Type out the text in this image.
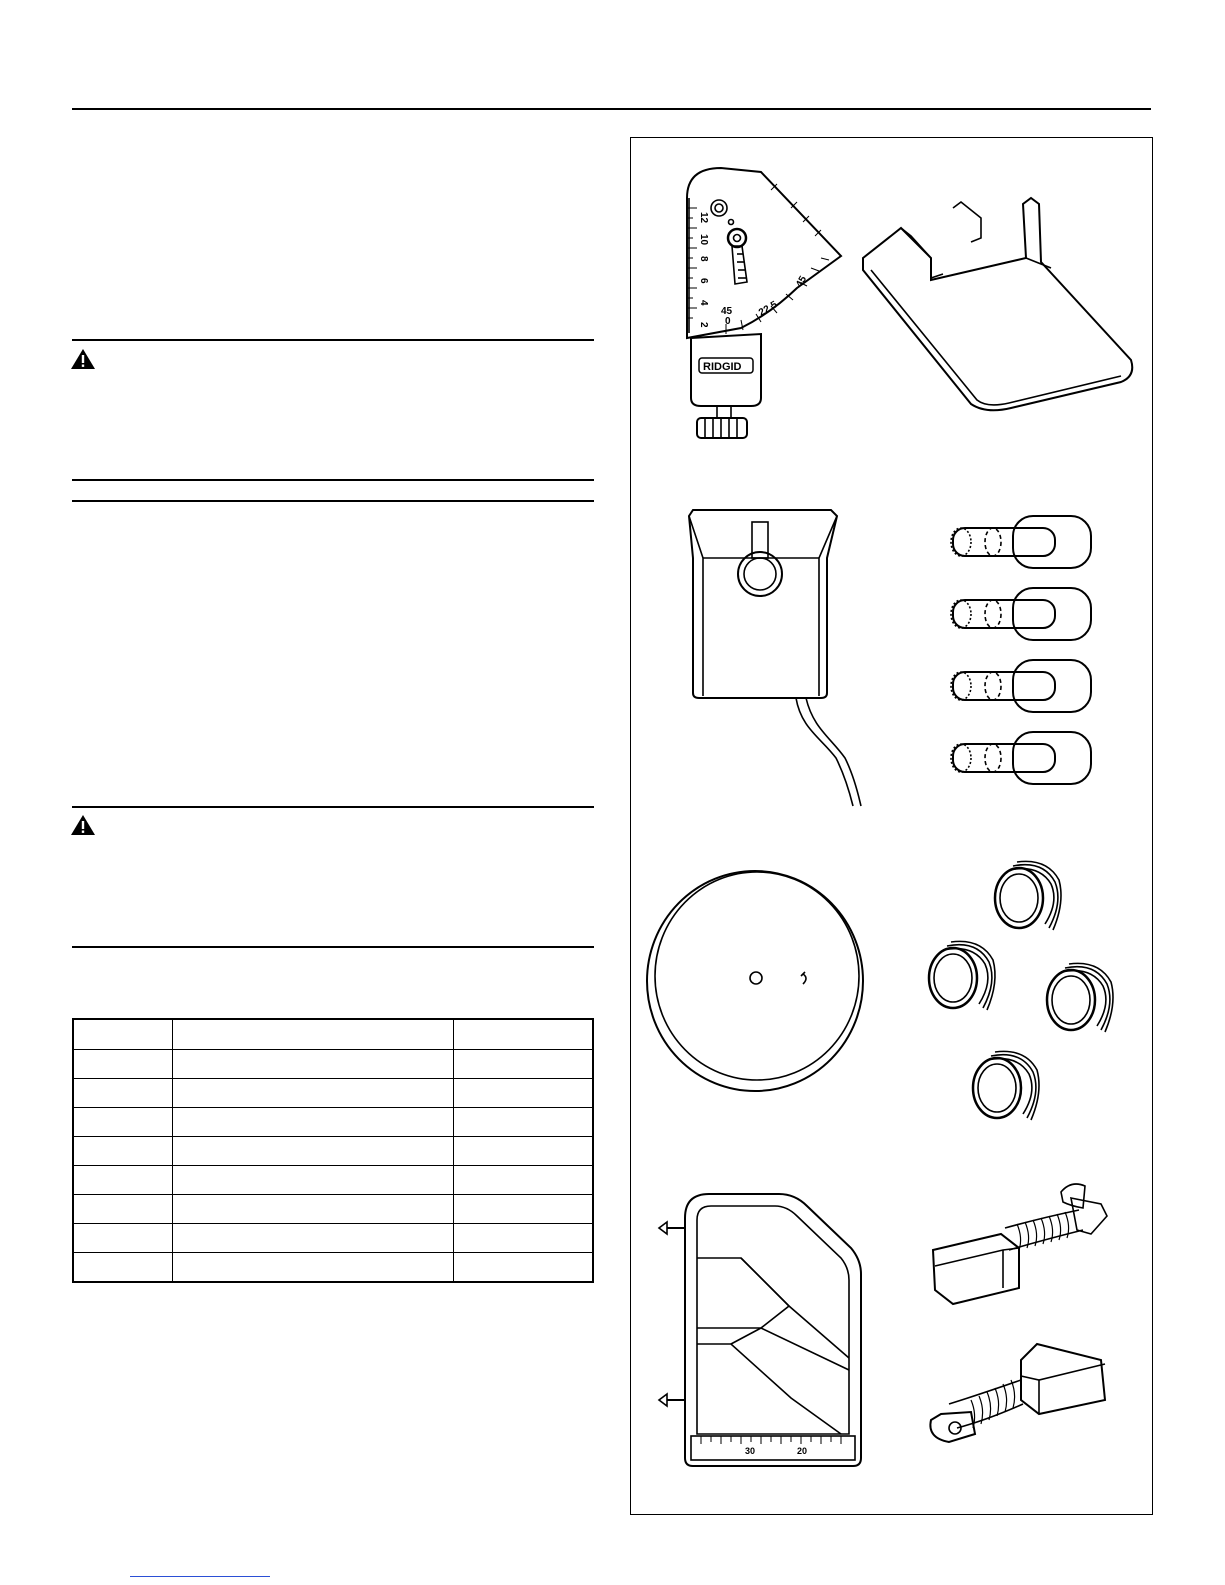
12
10
8
6
4
2
45
0
22.5
45
RIDGID
30	20
